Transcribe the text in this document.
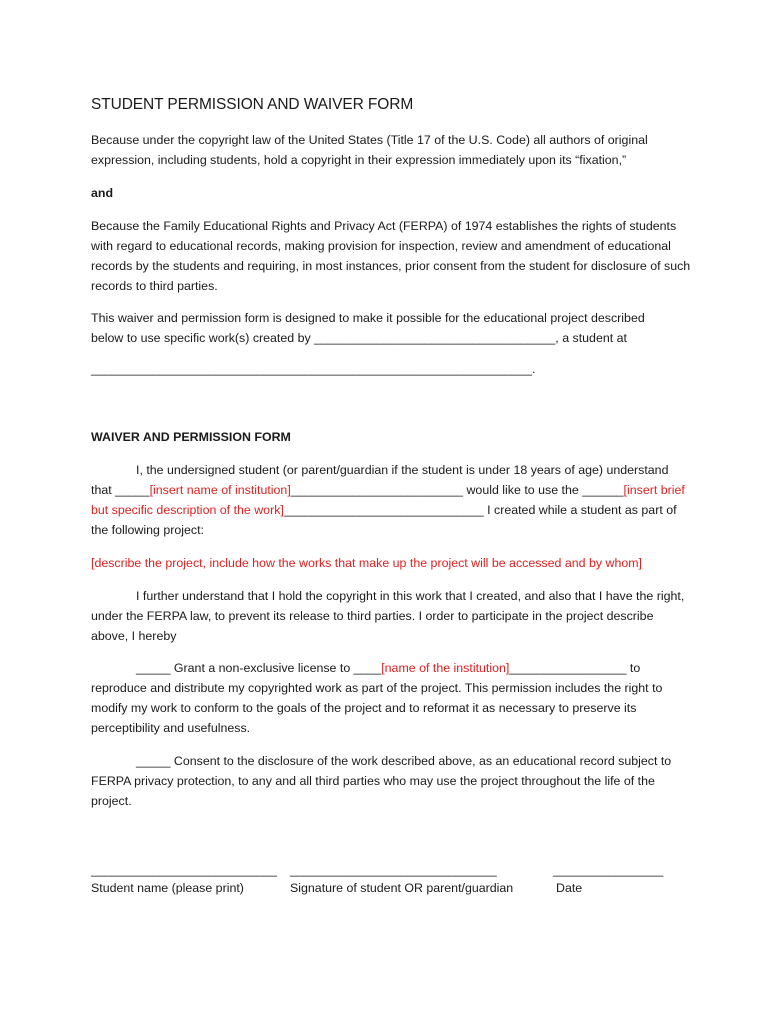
STUDENT PERMISSION AND WAIVER FORM

Because under the copyright law of the United States (Title 17 of the U.S. Code) all authors of original expression, including students, hold a copyright in their expression immediately upon its “fixation,”

and

Because the Family Educational Rights and Privacy Act (FERPA) of 1974 establishes the rights of students with regard to educational records, making provision for inspection, review and amendment of educational records by the students and requiring, in most instances, prior consent from the student for disclosure of such records to third parties.

This waiver and permission form is designed to make it possible for the educational project described
below to use specific work(s) created by ___________________________________, a student at

________________________________________________________________.

WAIVER AND PERMISSION FORM

I, the undersigned student (or parent/guardian if the student is under 18 years of age) understand that _____[insert name of institution]_________________________ would like to use the ______[insert brief but specific description of the work]_____________________________ I created while a student as part of the following project:

[describe the project, include how the works that make up the project will be accessed and by whom]

I further understand that I hold the copyright in this work that I created, and also that I have the right, under the FERPA law, to prevent its release to third parties. I order to participate in the project describe above, I hereby

_____ Grant a non-exclusive license to ____[name of the institution]_________________ to reproduce and distribute my copyrighted work as part of the project. This permission includes the right to modify my work to conform to the goals of the project and to reformat it as necessary to preserve its perceptibility and usefulness.

_____ Consent to the disclosure of the work described above, as an educational record subject to FERPA privacy protection, to any and all third parties who may use the project throughout the life of the project.

___________________________

Student name (please print)

______________________________

Signature of student OR parent/guardian

________________

Date
